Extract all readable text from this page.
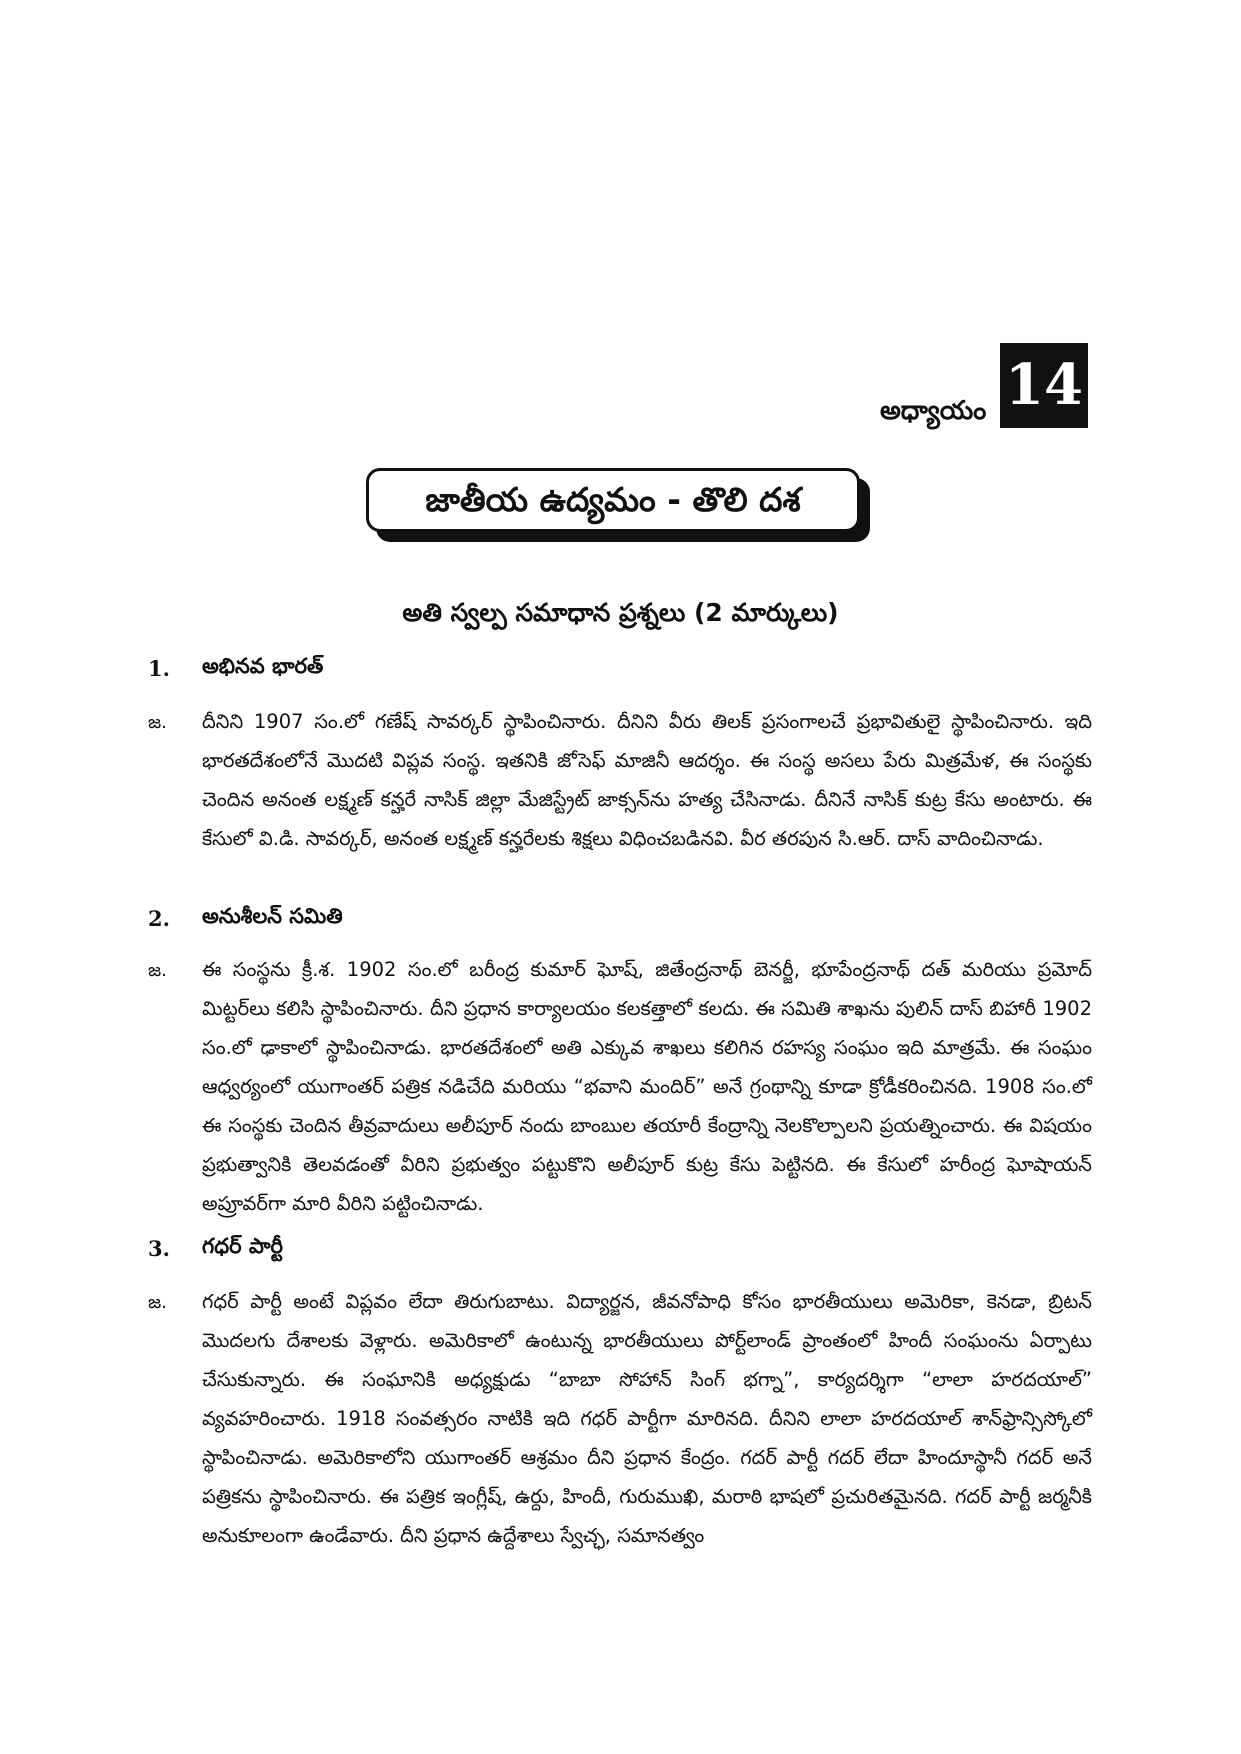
అధ్యాయం 14
జాతీయ ఉద్యమం - తొలి దశ
అతి స్వల్ప సమాధాన ప్రశ్నలు (2 మార్కులు)
1. అభినవ భారత్
జ. దీనిని 1907 సం.లో గణేష్ సావర్కర్ స్థాపించినారు. దీనిని వీరు తిలక్ ప్రసంగాలచే ప్రభావితులై స్థాపించినారు. ఇది భారతదేశంలోనే మొదటి విప్లవ సంస్థ. ఇతనికి జోసెఫ్ మాజినీ ఆదర్శం. ఈ సంస్థ అసలు పేరు మిత్రమేళ, ఈ సంస్థకు చెందిన అనంత లక్ష్మణ్ కన్హరే నాసిక్ జిల్లా మేజిస్ట్రేట్ జాక్సన్‌ను హత్య చేసినాడు. దీనినే నాసిక్ కుట్ర కేసు అంటారు. ఈ కేసులో వి.డి. సావర్కర్, అనంత లక్ష్మణ్ కన్హరేలకు శిక్షలు విధించబడినవి. వీర తరపున సి.ఆర్. దాస్ వాదించినాడు.
2. అనుశీలన్ సమితి
జ. ఈ సంస్థను క్రీ.శ. 1902 సం.లో బరీంద్ర కుమార్ ఘోష్, జితేంద్రనాథ్ బెనర్జీ, భూపేంద్రనాథ్ దత్ మరియు ప్రమోద్ మిట్టర్‌లు కలిసి స్థాపించినారు. దీని ప్రధాన కార్యాలయం కలకత్తాలో కలదు. ఈ సమితి శాఖను పులిన్ దాస్ బిహారీ 1902 సం.లో ఢాకాలో స్థాపించినాడు. భారతదేశంలో అతి ఎక్కువ శాఖలు కలిగిన రహస్య సంఘం ఇది మాత్రమే. ఈ సంఘం ఆధ్వర్యంలో యుగాంతర్ పత్రిక నడిచేది మరియు “భవాని మందిర్” అనే గ్రంథాన్ని కూడా క్రోడీకరించినది. 1908 సం.లో ఈ సంస్థకు చెందిన తీవ్రవాదులు అలీపూర్ నందు బాంబుల తయారీ కేంద్రాన్ని నెలకొల్పాలని ప్రయత్నించారు. ఈ విషయం ప్రభుత్వానికి తెలవడంతో వీరిని ప్రభుత్వం పట్టుకొని అలీపూర్ కుట్ర కేసు పెట్టినది. ఈ కేసులో హరీంద్ర ఘోషాయన్ అప్రూవర్‌గా మారి వీరిని పట్టించినాడు.
3. గధర్ పార్టీ
జ. గధర్ పార్టీ అంటే విప్లవం లేదా తిరుగుబాటు. విద్యార్జన, జీవనోపాధి కోసం భారతీయులు అమెరికా, కెనడా, బ్రిటన్ మొదలగు దేశాలకు వెళ్లారు. అమెరికాలో ఉంటున్న భారతీయులు పోర్ట్‌లాండ్ ప్రాంతంలో హిందీ సంఘంను ఏర్పాటు చేసుకున్నారు. ఈ సంఘానికి అధ్యక్షుడు “బాబా సోహాన్ సింగ్ భగ్నా”, కార్యదర్శిగా “లాలా హరదయాల్” వ్యవహరించారు. 1918 సంవత్సరం నాటికి ఇది గధర్ పార్టీగా మారినది. దీనిని లాలా హరదయాల్ శాన్‌ఫ్రాన్సిస్కోలో స్థాపించినాడు. అమెరికాలోని యుగాంతర్ ఆశ్రమం దీని ప్రధాన కేంద్రం. గదర్ పార్టీ గదర్ లేదా హిందూస్థానీ గదర్ అనే పత్రికను స్థాపించినారు. ఈ పత్రిక ఇంగ్లీష్, ఉర్దు, హిందీ, గురుముఖి, మరాఠి భాషలో ప్రచురితమైనది. గదర్ పార్టీ జర్మనీకి అనుకూలంగా ఉండేవారు. దీని ప్రధాన ఉద్దేశాలు స్వేచ్ఛ, సమానత్వం
